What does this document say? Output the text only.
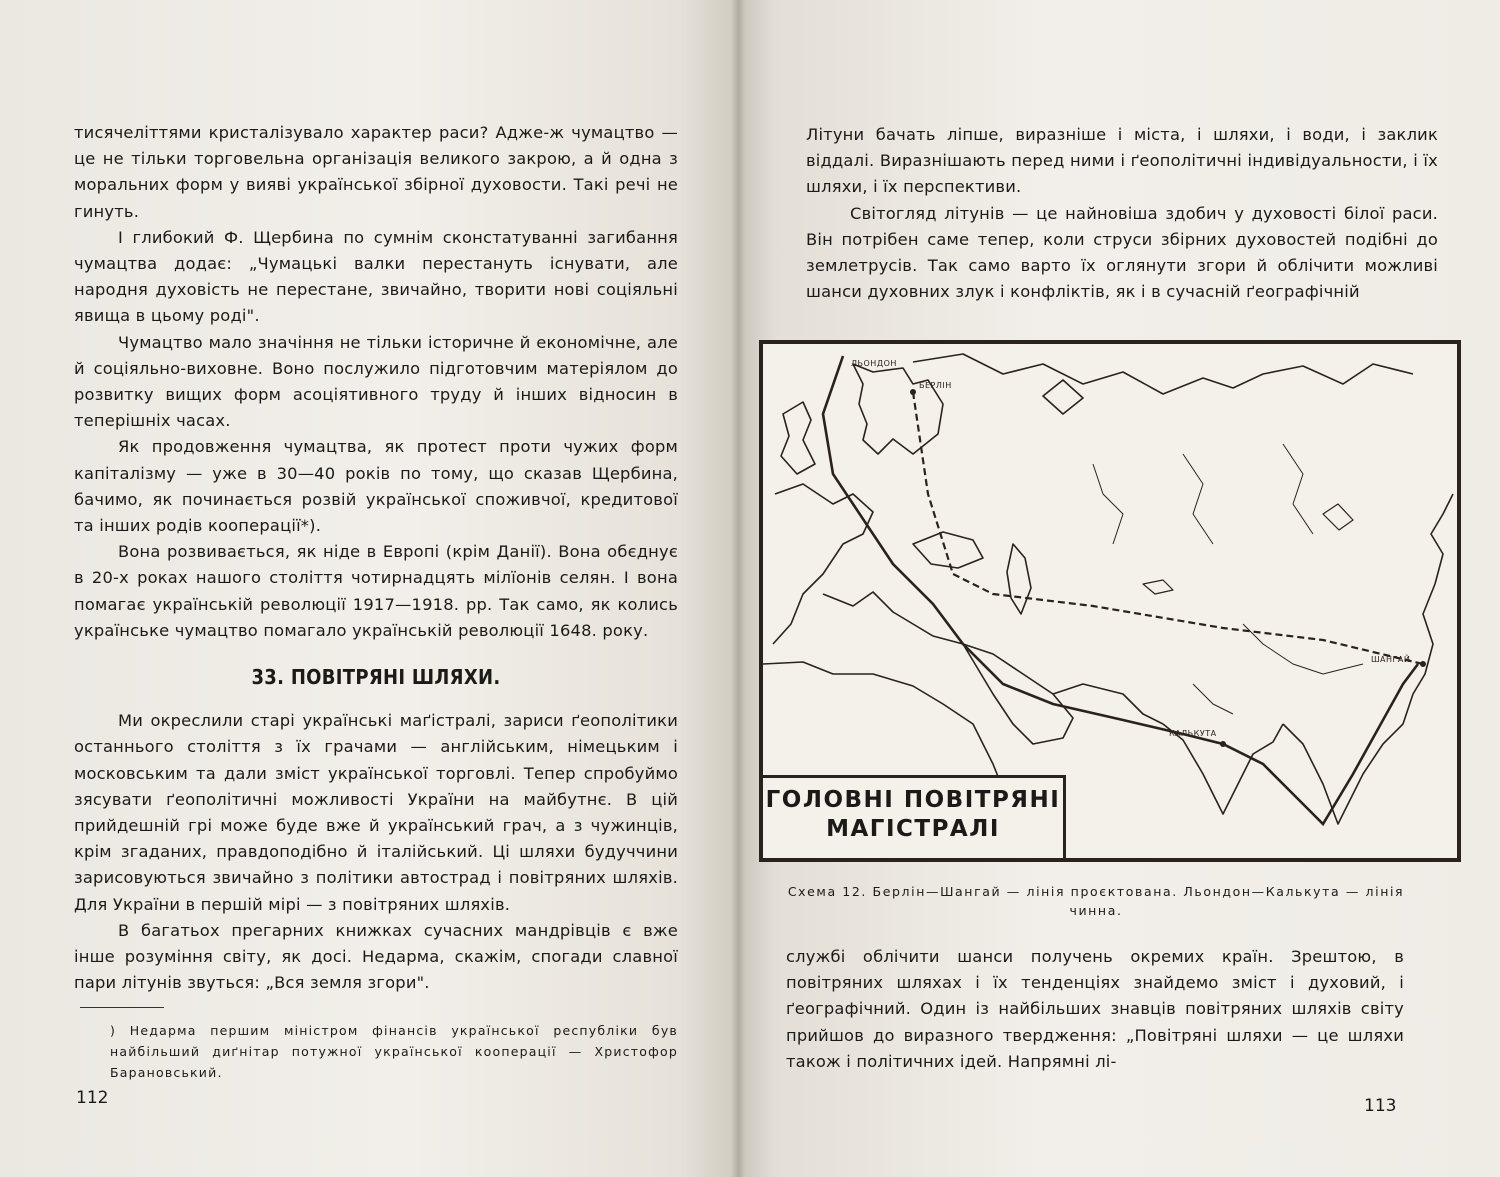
тисячеліттями кристалізувало характер раси? Адже-ж чумацтво — це не тільки торговельна організація великого закрою, а й одна з моральних форм у вияві української збірної духовости. Такі речі не гинуть.

І глибокий Ф. Щербина по сумнім сконстатуванні загибання чумацтва додає: „Чумацькі валки перестануть існувати, але народня духовість не перестане, звичайно, творити нові соціяльні явища в цьому роді".

Чумацтво мало значіння не тільки історичне й економічне, але й соціяльно-виховне. Воно послужило підготовчим матеріялом до розвитку вищих форм асоціятивного труду й інших відносин в теперішніх часах.

Як продовження чумацтва, як протест проти чужих форм капіталізму — уже в 30—40 років по тому, що сказав Щербина, бачимо, як починається розвій української споживчої, кредитової та інших родів кооперації*).

Вона розвивається, як ніде в Европі (крім Данії). Вона обєднує в 20-х роках нашого століття чотирнадцять мілїонів селян. І вона помагає українській революції 1917—1918. рр. Так само, як колись українське чумацтво помагало українській революції 1648. року.

33. ПОВІТРЯНІ ШЛЯХИ.

Ми окреслили старі українські маґістралі, зариси ґеополітики останнього століття з їх грачами — англійським, німецьким і московським та дали зміст української торговлі. Тепер спробуймо зясувати ґеополітичні можливості України на майбутнє. В цій прийдешній грі може буде вже й український грач, а з чужинців, крім згаданих, правдоподібно й італійський. Ці шляхи будуччини зарисовуються звичайно з політики автострад і повітряних шляхів. Для України в першій мірі — з повітряних шляхів.

В багатьох прегарних книжках сучасних мандрівців є вже інше розуміння світу, як досі. Недарма, скажім, спогади славної пари літунів звуться: „Вся земля згори".

) Недарма першим міністром фінансів української республіки був найбільший диґнітар потужної української кооперації — Христофор Барановський.
112

Літуни бачать ліпше, виразніше і міста, і шляхи, і води, і заклик віддалі. Виразнішають перед ними і ґеополітичні індивідуальности, і їх шляхи, і їх перспективи.

Світогляд літунів — це найновіша здобич у духовості білої раси. Він потрібен саме тепер, коли струси збірних духовостей подібні до землетрусів. Так само варто їх оглянути згори й облічити можливі шанси духовних злук і конфліктів, як і в сучасній ґеографічній

БЕРЛІН
ЛЬОНДОН
ШАНГАЙ
КАЛЬКУТА
ГОЛОВНІ ПОВІТРЯНІ
МАГІСТРАЛІ
Схема 12. Берлін—Шангай — лінія проєктована. Льондон—Калькута — лінія чинна.

службі облічити шанси получень окремих країн. Зрештою, в повітряних шляхах і їх тенденціях знайдемо зміст і духовий, і ґеографічний. Один із найбільших знавців повітряних шляхів світу прийшов до виразного твердження: „Повітряні шляхи — це шляхи також і політичних ідей. Напрямні лі-

113
